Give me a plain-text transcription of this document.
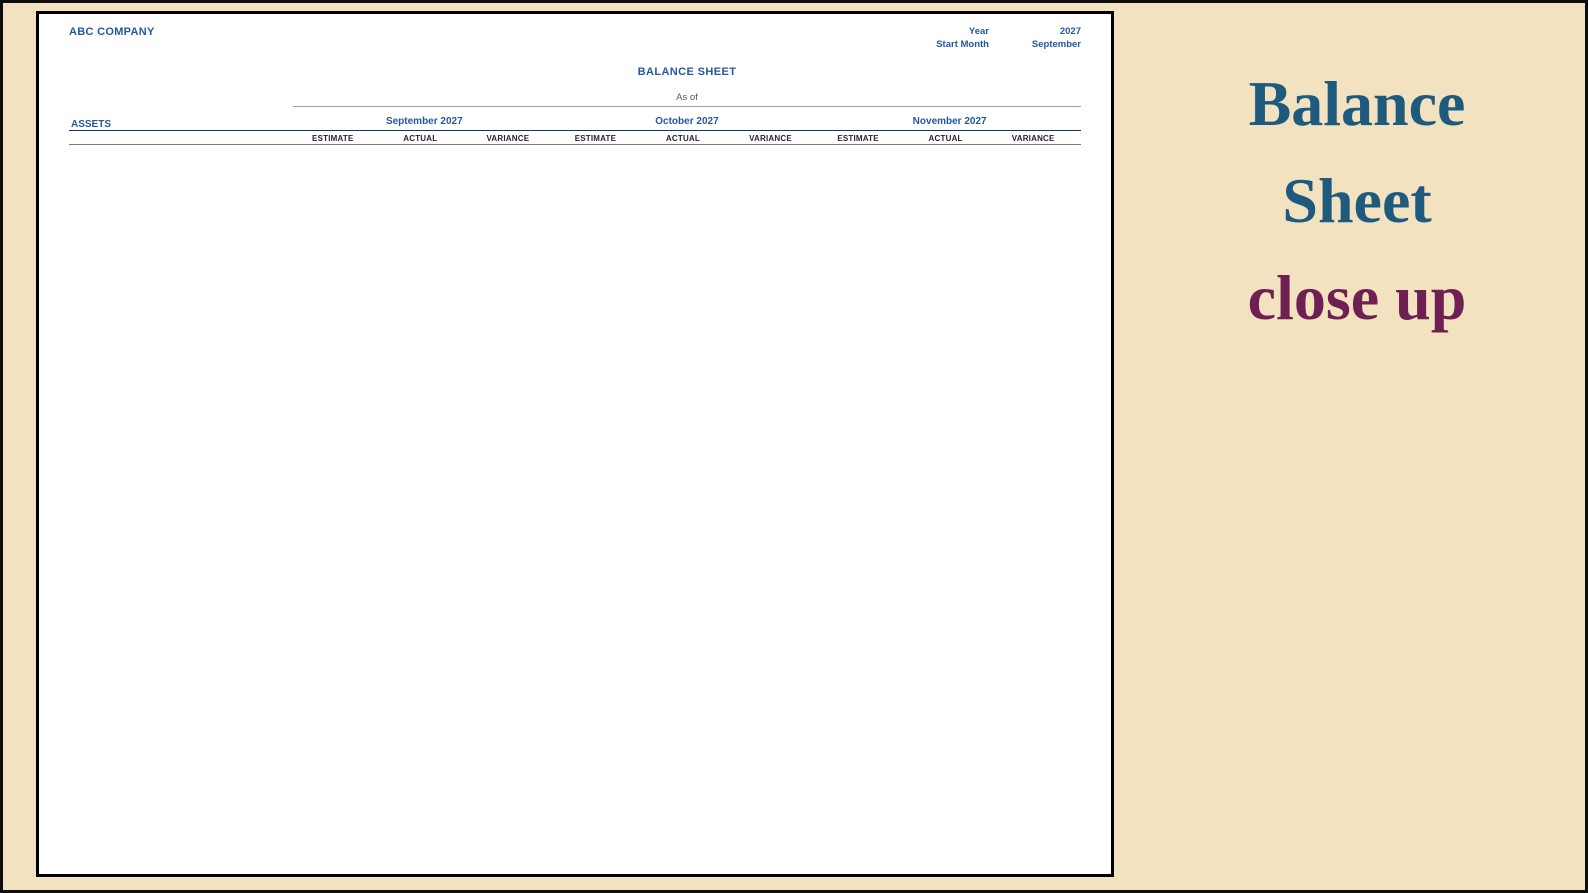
ABC COMPANY	Year	2027
Start Month	September
BALANCE SHEET
As of
ASSETS	September 2027			October 2027			November 2027		
	ESTIMATE	ACTUAL	VARIANCE	ESTIMATE	ACTUAL	VARIANCE	ESTIMATE	ACTUAL	VARIANCE	Balance
Sheet
close up
